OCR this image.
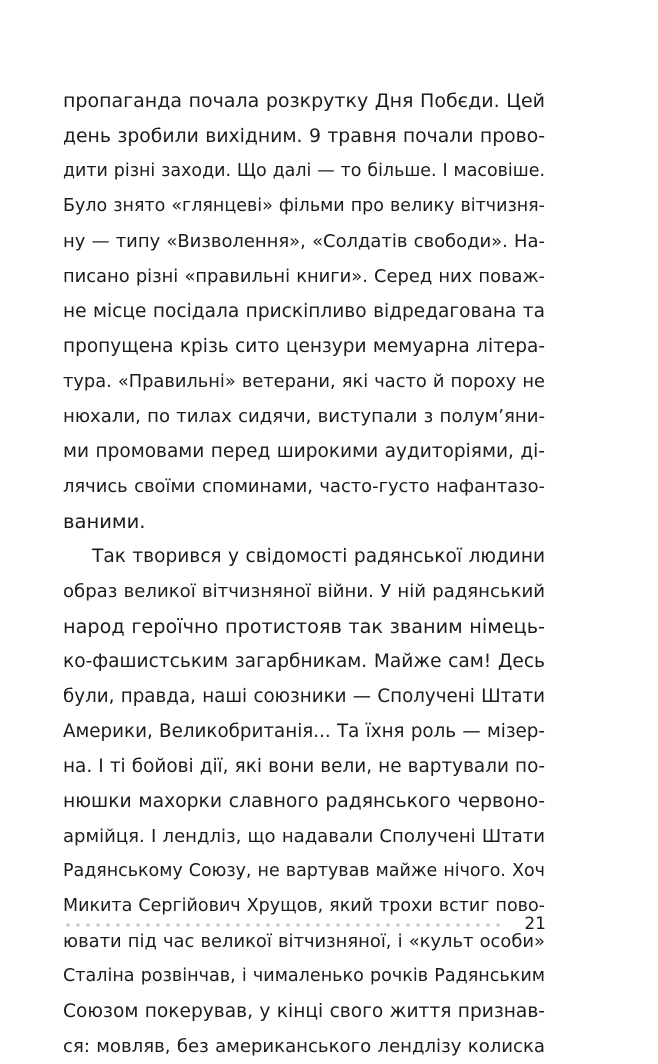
пропаганда почала розкрутку Дня Побєди. Цей
день зробили вихідним. 9 травня почали прово-
дити різні заходи. Що далі — то більше. І масовіше.
Було знято «глянцеві» фільми про велику вітчизня-
ну — типу «Визволення», «Солдатів свободи». На-
писано різні «правильні книги». Серед них поваж-
не місце посідала прискіпливо відредагована та
пропущена крізь сито цензури мемуарна літера-
тура. «Правильні» ветерани, які часто й пороху не
нюхали, по тилах сидячи, виступали з полум’яни-
ми промовами перед широкими аудиторіями, ді-
лячись своїми споминами, часто-густо нафантазо-
ваними.
Так творився у свідомості радянської людини
образ великої вітчизняної війни. У ній радянський
народ героїчно протистояв так званим німець-
ко-фашистським загарбникам. Майже сам! Десь
були, правда, наші союзники — Сполучені Штати
Америки, Великобританія... Та їхня роль — мізер-
на. І ті бойові дії, які вони вели, не вартували по-
нюшки махорки славного радянського червоно-
армійця. І лендліз, що надавали Сполучені Штати
Радянському Союзу, не вартував майже нічого. Хоч
Микита Сергійович Хрущов, який трохи встиг пово-
ювати під час великої вітчизняної, і «культ особи»
Сталіна розвінчав, і чималенько рочків Радянським
Союзом покерував, у кінці свого життя признав-
ся: мовляв, без американського лендлізу колиска
21
